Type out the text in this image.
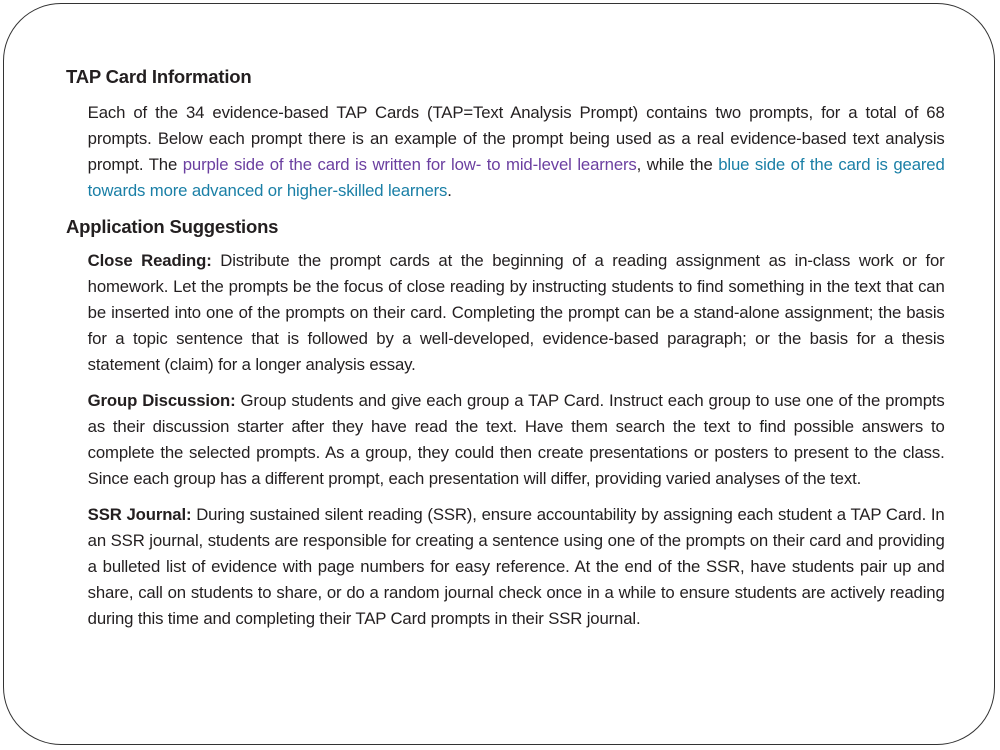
TAP Card Information

Each of the 34 evidence-based TAP Cards (TAP=Text Analysis Prompt) contains two prompts, for a total of 68 prompts. Below each prompt there is an example of the prompt being used as a real evidence-based text analysis prompt. The purple side of the card is written for low- to mid-level learners, while the blue side of the card is geared towards more advanced or higher-skilled learners.

Application Suggestions

Close Reading: Distribute the prompt cards at the beginning of a reading assignment as in-class work or for homework. Let the prompts be the focus of close reading by instructing students to find something in the text that can be inserted into one of the prompts on their card. Completing the prompt can be a stand-alone assignment; the basis for a topic sentence that is followed by a well-developed, evidence-based paragraph; or the basis for a thesis statement (claim) for a longer analysis essay.

Group Discussion: Group students and give each group a TAP Card. Instruct each group to use one of the prompts as their discussion starter after they have read the text. Have them search the text to find possible answers to complete the selected prompts. As a group, they could then create presentations or posters to present to the class. Since each group has a different prompt, each presentation will differ, providing varied analyses of the text.

SSR Journal: During sustained silent reading (SSR), ensure accountability by assigning each student a TAP Card. In an SSR journal, students are responsible for creating a sentence using one of the prompts on their card and providing a bulleted list of evidence with page numbers for easy reference. At the end of the SSR, have students pair up and share, call on students to share, or do a random journal check once in a while to ensure students are actively reading during this time and completing their TAP Card prompts in their SSR journal.
